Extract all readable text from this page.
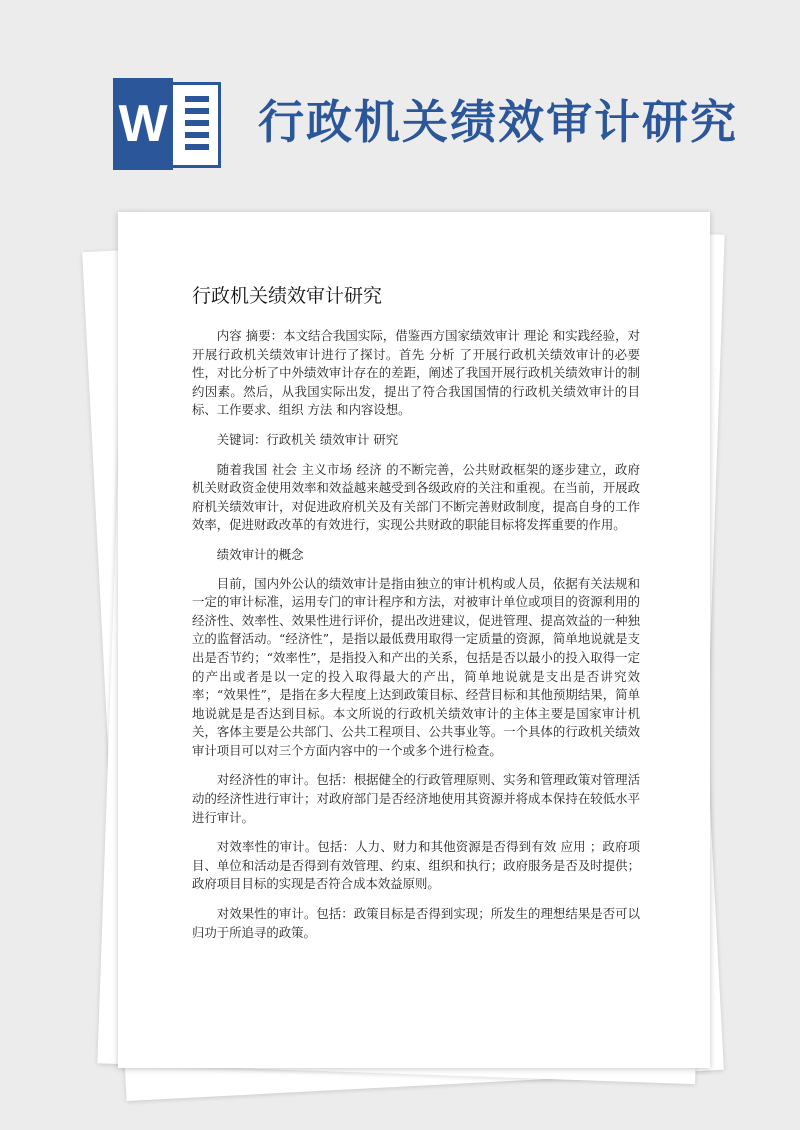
W 行政机关绩效审计研究
行政机关绩效审计研究

内容 摘要：本文结合我国实际，借鉴西方国家绩效审计 理论 和实践经验，对开展行政机关绩效审计进行了探讨。首先 分析 了开展行政机关绩效审计的必要性，对比分析了中外绩效审计存在的差距，阐述了我国开展行政机关绩效审计的制约因素。然后，从我国实际出发，提出了符合我国国情的行政机关绩效审计的目标、工作要求、组织 方法 和内容设想。

关键词：行政机关 绩效审计 研究

随着我国 社会 主义市场 经济 的不断完善，公共财政框架的逐步建立，政府机关财政资金使用效率和效益越来越受到各级政府的关注和重视。在当前，开展政府机关绩效审计，对促进政府机关及有关部门不断完善财政制度，提高自身的工作效率，促进财政改革的有效进行，实现公共财政的职能目标将发挥重要的作用。

绩效审计的概念

目前，国内外公认的绩效审计是指由独立的审计机构或人员，依据有关法规和一定的审计标准，运用专门的审计程序和方法，对被审计单位或项目的资源利用的经济性、效率性、效果性进行评价，提出改进建议，促进管理、提高效益的一种独立的监督活动。“经济性”，是指以最低费用取得一定质量的资源，简单地说就是支出是否节约；“效率性”，是指投入和产出的关系，包括是否以最小的投入取得一定的产出或者是以一定的投入取得最大的产出，简单地说就是支出是否讲究效率；“效果性”，是指在多大程度上达到政策目标、经营目标和其他预期结果，简单地说就是是否达到目标。本文所说的行政机关绩效审计的主体主要是国家审计机关，客体主要是公共部门、公共工程项目、公共事业等。一个具体的行政机关绩效审计项目可以对三个方面内容中的一个或多个进行检查。

对经济性的审计。包括：根据健全的行政管理原则、实务和管理政策对管理活动的经济性进行审计；对政府部门是否经济地使用其资源并将成本保持在较低水平进行审计。

对效率性的审计。包括：人力、财力和其他资源是否得到有效 应用 ；政府项目、单位和活动是否得到有效管理、约束、组织和执行；政府服务是否及时提供；政府项目目标的实现是否符合成本效益原则。

对效果性的审计。包括：政策目标是否得到实现；所发生的理想结果是否可以归功于所追寻的政策。
